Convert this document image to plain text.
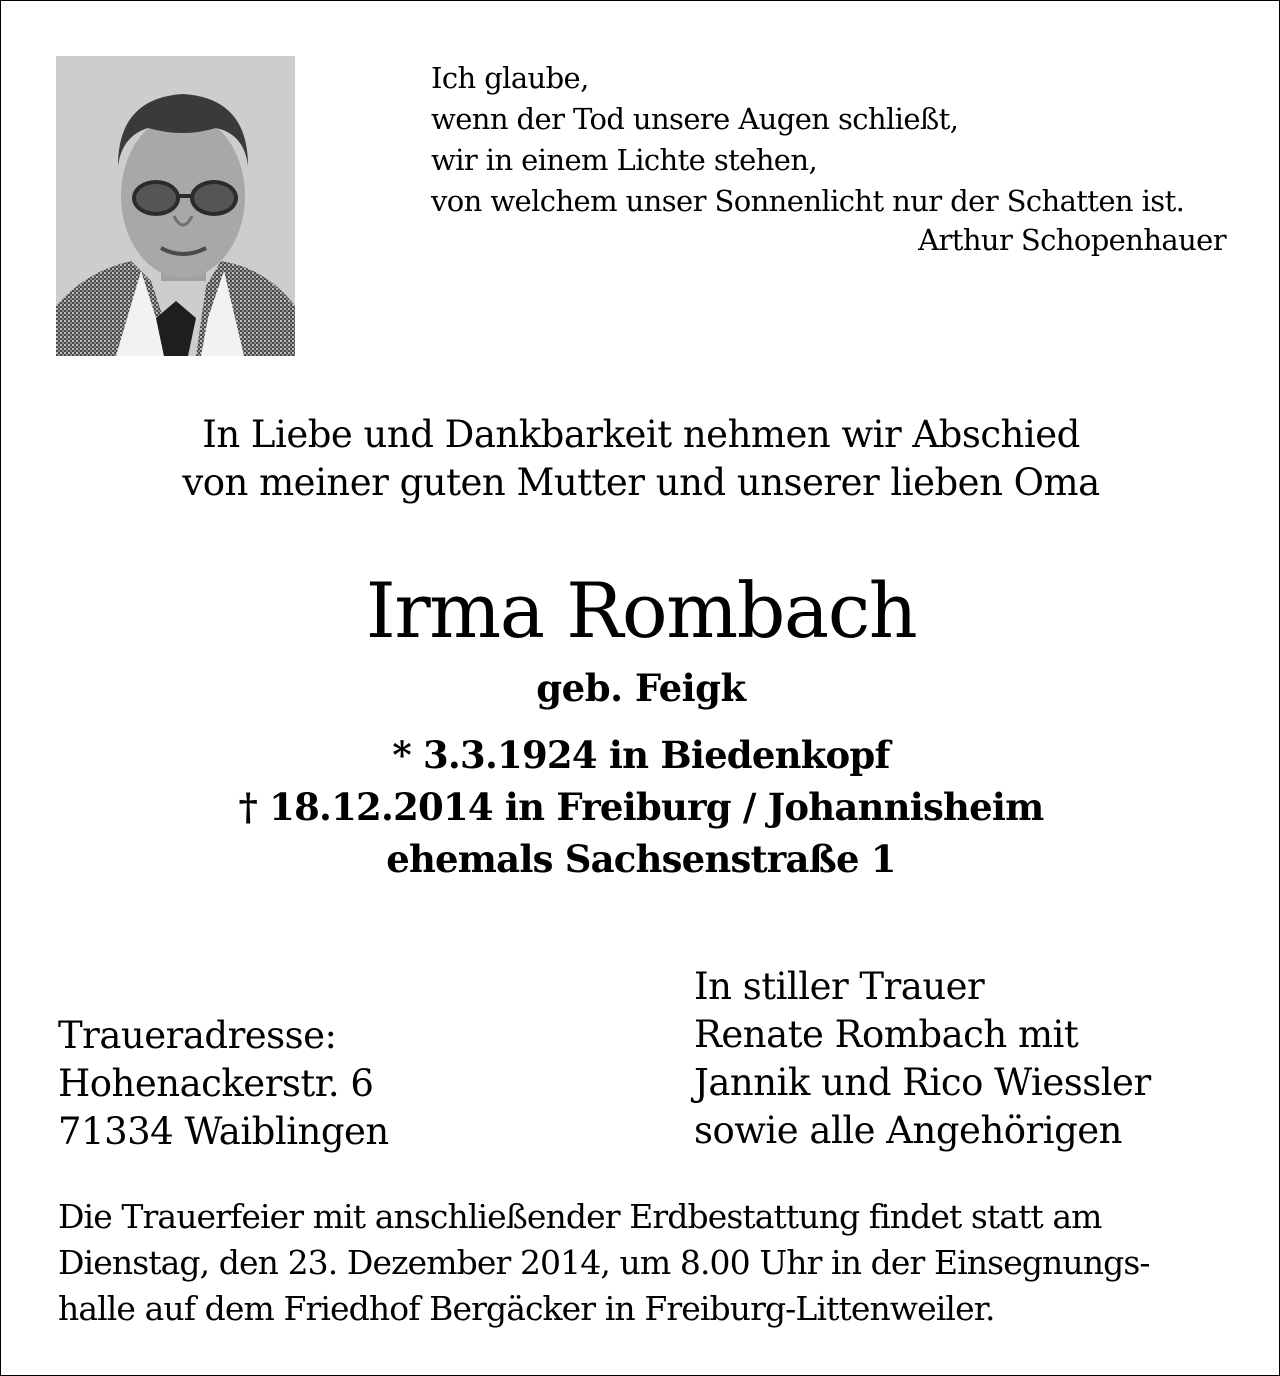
Ich glaube,
wenn der Tod unsere Augen schließt,
wir in einem Lichte stehen,
von welchem unser Sonnenlicht nur der Schatten ist.
Arthur Schopenhauer
In Liebe und Dankbarkeit nehmen wir Abschied
von meiner guten Mutter und unserer lieben Oma
Irma Rombach
geb. Feigk
* 3.3.1924 in Biedenkopf
† 18.12.2014 in Freiburg / Johannisheim
ehemals Sachsenstraße 1
In stiller Trauer
Renate Rombach mit
Jannik und Rico Wiessler
sowie alle Angehörigen
Traueradresse:
Hohenackerstr. 6
71334 Waiblingen
Die Trauerfeier mit anschließender Erdbestattung findet statt am
Dienstag, den 23. Dezember 2014, um 8.00 Uhr in der Einsegnungs-
halle auf dem Friedhof Bergäcker in Freiburg-Littenweiler.
